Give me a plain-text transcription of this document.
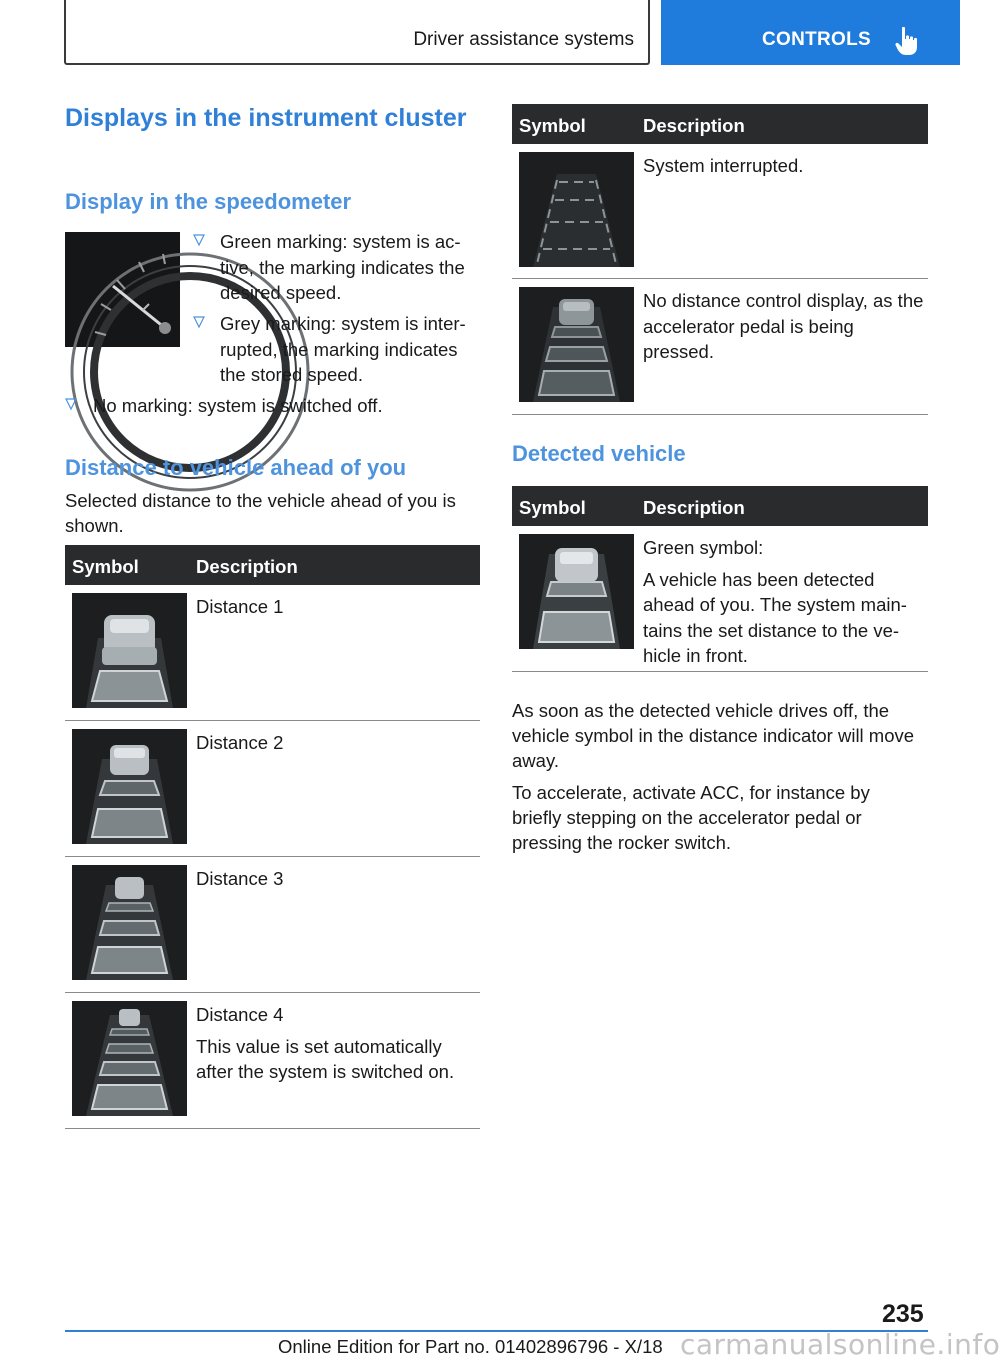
Driver assistance systems	CONTROLS
Displays in the instrument cluster
Display in the speedometer
Green marking: system is ac‐tive, the marking indicates the desired speed.
Grey marking: system is inter‐rupted, the marking indicates the stored speed.
No marking: system is switched off.
Distance to vehicle ahead of you
Selected distance to the vehicle ahead of you is shown.
Symbol	Description

Distance 1

Distance 2

Distance 3

Distance 4

This value is set automatically after the system is switched on.

Symbol	Description

System interrupted.

No distance control display, as the accelerator pedal is being pressed.

Detected vehicle
Symbol	Description

Green symbol:

A vehicle has been detected ahead of you. The system main‐tains the set distance to the ve‐hicle in front.

As soon as the detected vehicle drives off, the vehicle symbol in the distance indicator will move away.
To accelerate, activate ACC, for instance by briefly stepping on the accelerator pedal or pressing the rocker switch.
235
Online Edition for Part no. 01402896796 - X/18 carmanualsonline.info
